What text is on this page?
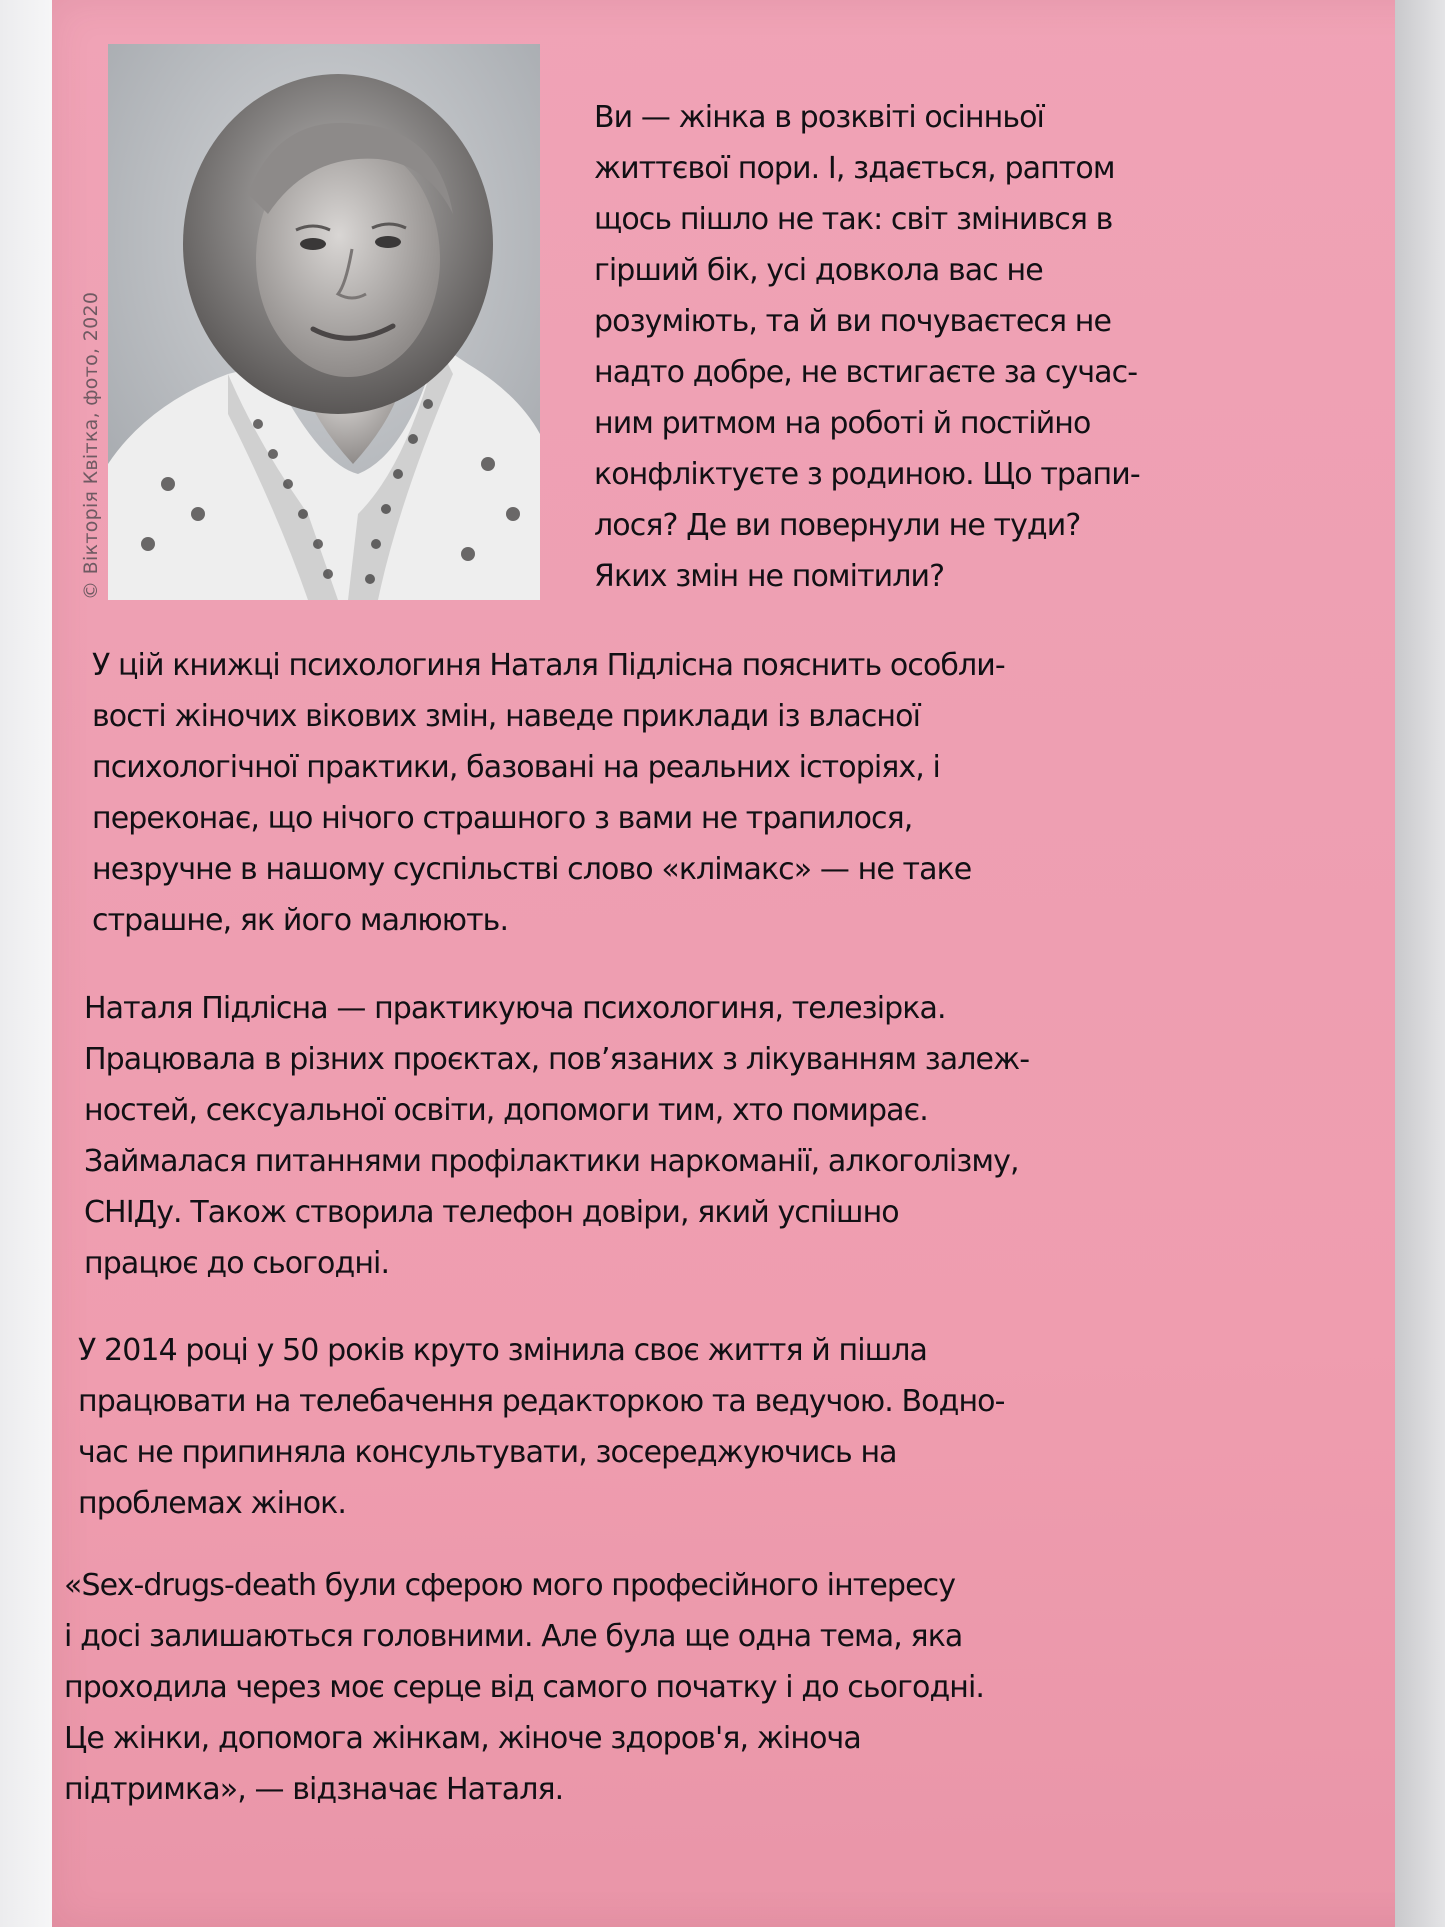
© Вікторія Квітка, фото, 2020
Ви — жінка в розквіті осінньої
життєвої пори. І, здається, раптом
щось пішло не так: світ змінився в
гірший бік, усі довкола вас не
розуміють, та й ви почуваєтеся не
надто добре, не встигаєте за сучас-
ним ритмом на роботі й постійно
конфліктуєте з родиною. Що трапи-
лося? Де ви повернули не туди?
Яких змін не помітили?
У цій книжці психологиня Наталя Підлісна пояснить особли-
вості жіночих вікових змін, наведе приклади із власної
психологічної практики, базовані на реальних історіях, і
переконає, що нічого страшного з вами не трапилося,
незручне в нашому суспільстві слово «клімакс» — не таке
страшне, як його малюють.
Наталя Підлісна — практикуюча психологиня, телезірка.
Працювала в різних проєктах, пов’язаних з лікуванням залеж-
ностей, сексуальної освіти, допомоги тим, хто помирає.
Займалася питаннями профілактики наркоманії, алкоголізму,
СНІДу. Також створила телефон довіри, який успішно
працює до сьогодні.
У 2014 році у 50 років круто змінила своє життя й пішла
працювати на телебачення редакторкою та ведучою. Водно-
час не припиняла консультувати, зосереджуючись на
проблемах жінок.
«Sex-drugs-death були сферою мого професійного інтересу
і досі залишаються головними. Але була ще одна тема, яка
проходила через моє серце від самого початку і до сьогодні.
Це жінки, допомога жінкам, жіноче здоров'я, жіноча
підтримка», — відзначає Наталя.
